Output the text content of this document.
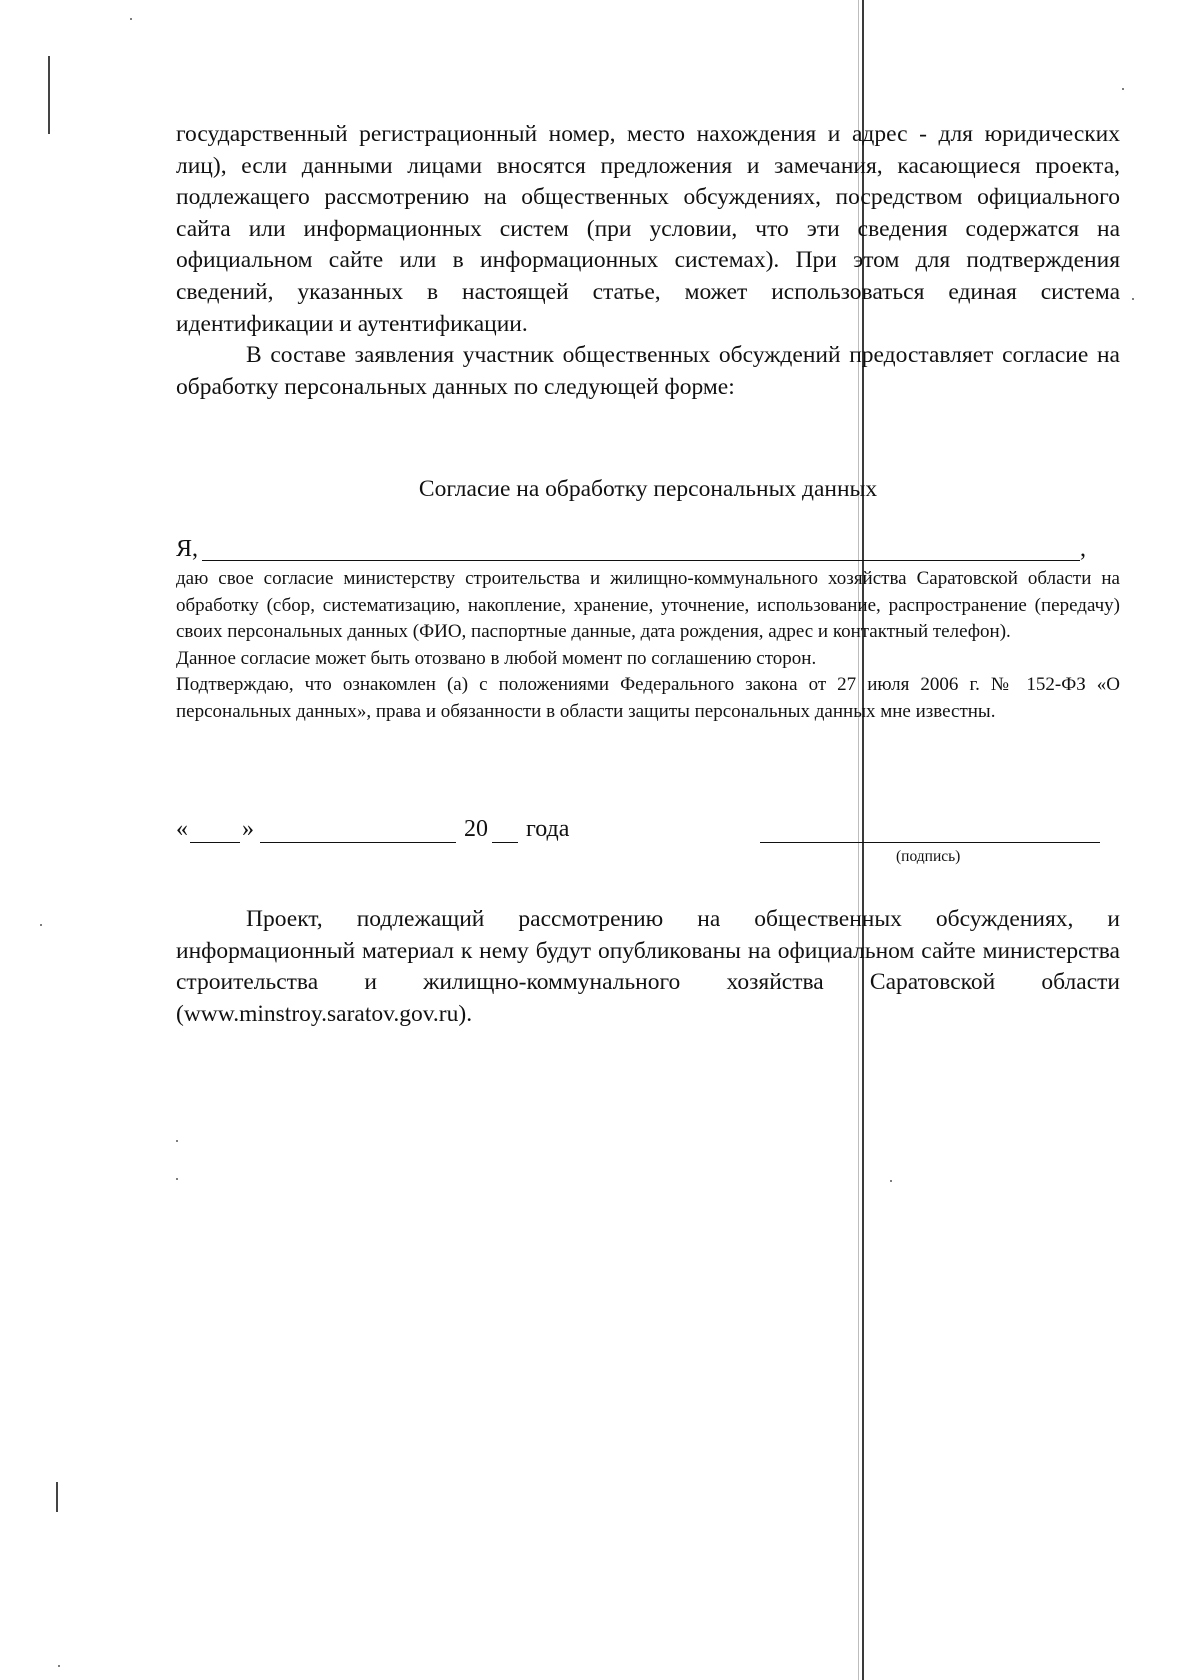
государственный регистрационный номер, место нахождения и адрес - для юридических лиц), если данными лицами вносятся предложения и замечания, касающиеся проекта, подлежащего рассмотрению на общественных обсуждениях, посредством официального сайта или информационных систем (при условии, что эти сведения содержатся на официальном сайте или в информационных системах). При этом для подтверждения сведений, указанных в настоящей статье, может использоваться единая система идентификации и аутентификации.

В составе заявления участник общественных обсуждений предоставляет согласие на обработку персональных данных по следующей форме:

Согласие на обработку персональных данных
Я,	,

даю свое согласие министерству строительства и жилищно-коммунального хозяйства Саратовской области на обработку (сбор, систематизацию, накопление, хранение, уточнение, использование, распространение (передачу) своих персональных данных (ФИО, паспортные данные, дата рождения, адрес и контактный телефон).

Данное согласие может быть отозвано в любой момент по соглашению сторон.

Подтверждаю, что ознакомлен (а) с положениями Федерального закона от 27 июля 2006 г. № 152-ФЗ «О персональных данных», права и обязанности в области защиты персональных данных мне известны.

« »	20 года
(подпись)

Проект, подлежащий рассмотрению на общественных обсуждениях, и информационный материал к нему будут опубликованы на официальном сайте министерства строительства и жилищно-коммунального хозяйства Саратовской области (www.minstroy.saratov.gov.ru).
